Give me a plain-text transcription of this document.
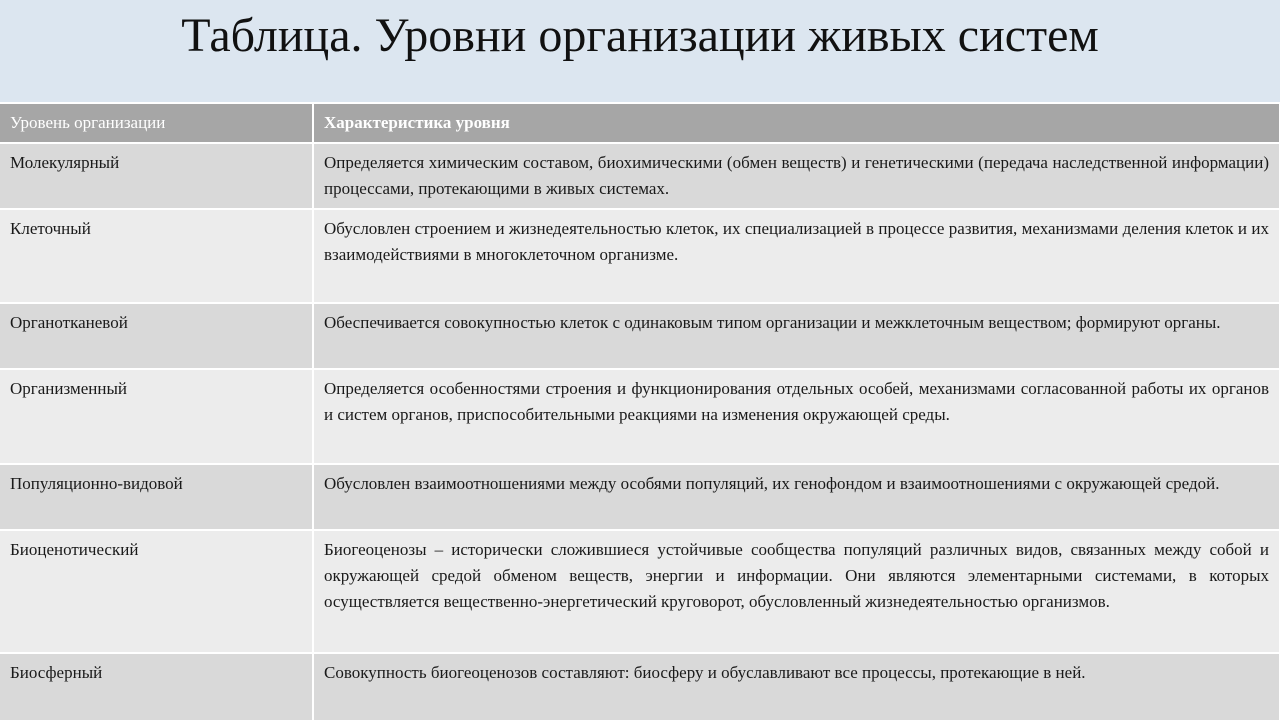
Таблица. Уровни организации живых систем
Уровень организации	Характеристика уровня
Молекулярный	Определяется химическим составом, биохимическими (обмен веществ) и генетическими (передача наследственной информации) процессами, протекающими в живых системах.
Клеточный	Обусловлен строением и жизнедеятельностью клеток, их специализацией в процессе развития, механизмами деления клеток и их взаимодействиями в многоклеточном организме.
Органотканевой	Обеспечивается совокупностью клеток с одинаковым типом организации и межклеточным веществом; формируют органы.
Организменный	Определяется особенностями строения и функционирования отдельных особей, механизмами согласованной работы их органов и систем органов, приспособительными реакциями на изменения окружающей среды.
Популяционно-видовой	Обусловлен взаимоотношениями между особями популяций, их генофондом и взаимоотношениями с окружающей средой.
Биоценотический	Биогеоценозы – исторически сложившиеся устойчивые сообщества популяций различных видов, связанных между собой и окружающей средой обменом веществ, энергии и информации. Они являются элементарными системами, в которых осуществляется вещественно-энергетический круговорот, обусловленный жизнедеятельностью организмов.
Биосферный	Совокупность биогеоценозов составляют: биосферу и обуславливают все процессы, протекающие в ней.
